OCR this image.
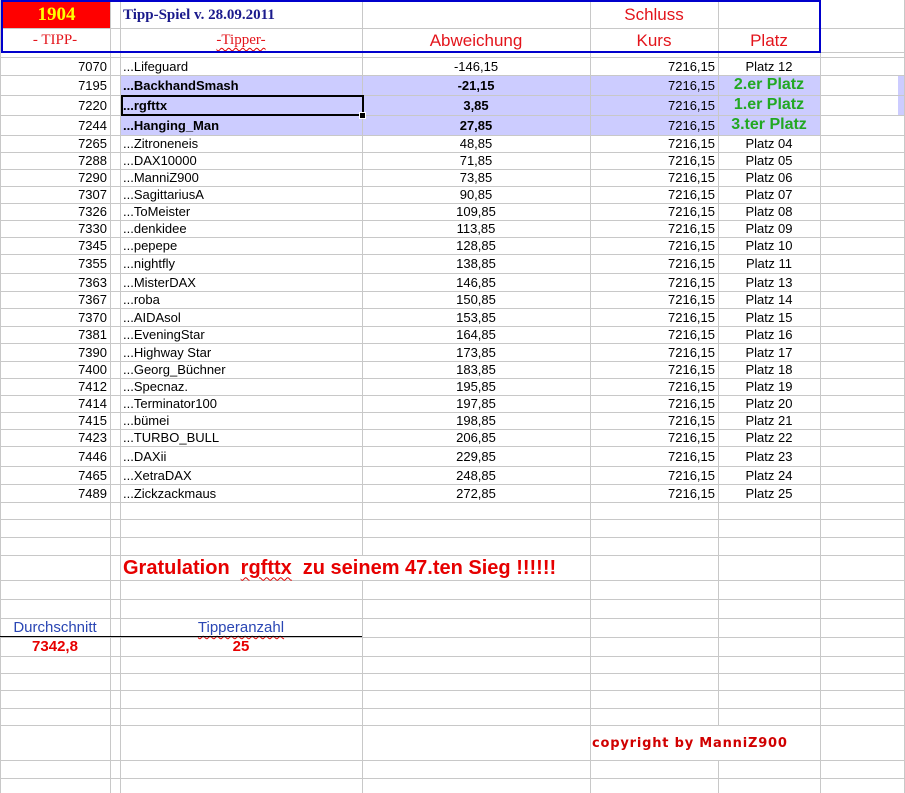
1904	Tipp-Spiel v. 28.09.2011	Schluss
- TIPP-	-Tipper-	Abweichung	Kurs	Platz
7070 ...Lifeguard	-146,15	7216,15	Platz 12
7195 ...BackhandSmash	-21,15	7216,15	2.er Platz
7220 ...rgfttx	3,85	7216,15	1.er Platz
7244 ...Hanging_Man	27,85	7216,15	3.ter Platz
7265 ...Zitroneneis	48,85	7216,15	Platz 04
7288 ...DAX10000	71,85	7216,15	Platz 05
7290 ...ManniZ900	73,85	7216,15	Platz 06
7307 ...SagittariusA	90,85	7216,15	Platz 07
7326 ...ToMeister	109,85	7216,15	Platz 08
7330 ...denkidee	113,85	7216,15	Platz 09
7345 ...pepepe	128,85	7216,15	Platz 10
7355 ...nightfly	138,85	7216,15	Platz 11
7363 ...MisterDAX	146,85	7216,15	Platz 13
7367 ...roba	150,85	7216,15	Platz 14
7370 ...AIDAsol	153,85	7216,15	Platz 15
7381 ...EveningStar	164,85	7216,15	Platz 16
7390 ...Highway Star	173,85	7216,15	Platz 17
7400 ...Georg_Büchner	183,85	7216,15	Platz 18
7412 ...Specnaz.	195,85	7216,15	Platz 19
7414 ...Terminator100	197,85	7216,15	Platz 20
7415 ...bümei	198,85	7216,15	Platz 21
7423 ...TURBO_BULL	206,85	7216,15	Platz 22
7446 ...DAXii	229,85	7216,15	Platz 23
7465 ...XetraDAX	248,85	7216,15	Platz 24
7489 ...Zickzackmaus	272,85	7216,15	Platz 25
Gratulation rgfttx zu seinem 47.ten Sieg !!!!!!
Durchschnitt	Tipperanzahl
7342,8	25
copyright by ManniZ900
